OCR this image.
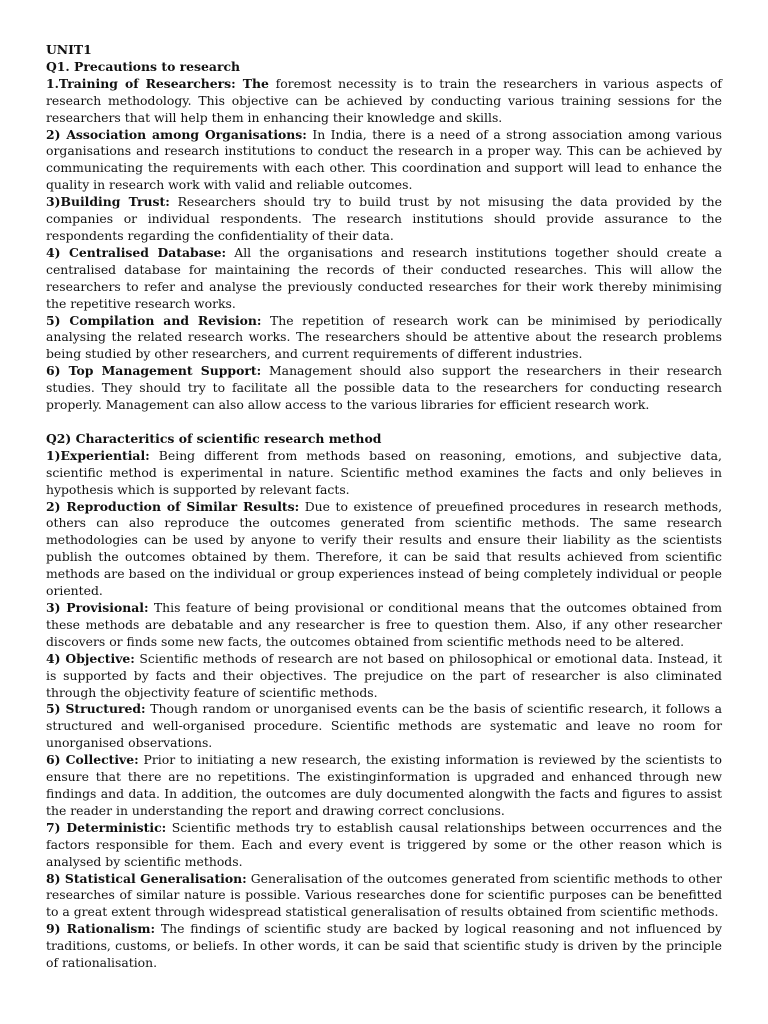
UNIT1

Q1. Precautions to research

1.Training of Researchers: The foremost necessity is to train the researchers in various aspects of research methodology. This objective can be achieved by conducting various training sessions for the researchers that will help them in enhancing their knowledge and skills.

2) Association among Organisations: In India, there is a need of a strong association among various organisations and research institutions to conduct the research in a proper way. This can be achieved by communicating the requirements with each other. This coordination and support will lead to enhance the quality in research work with valid and reliable outcomes.

3)Building Trust: Researchers should try to build trust by not misusing the data provided by the companies or individual respondents. The research institutions should provide assurance to the respondents regarding the confidentiality of their data.

4) Centralised Database: All the organisations and research institutions together should create a centralised database for maintaining the records of their conducted researches. This will allow the researchers to refer and analyse the previously conducted researches for their work thereby minimising the repetitive research works.

5) Compilation and Revision: The repetition of research work can be minimised by periodically analysing the related research works. The researchers should be attentive about the research problems being studied by other researchers, and current requirements of different industries.

6) Top Management Support: Management should also support the researchers in their research studies. They should try to facilitate all the possible data to the researchers for conducting research properly. Management can also allow access to the various libraries for efficient research work.

Q2) Characteritics of scientific research method

1)Experiential: Being different from methods based on reasoning, emotions, and subjective data, scientific method is experimental in nature. Scientific method examines the facts and only believes in hypothesis which is supported by relevant facts.

2) Reproduction of Similar Results: Due to existence of preuefined procedures in research methods, others can also reproduce the outcomes generated from scientific methods. The same research methodologies can be used by anyone to verify their results and ensure their liability as the scientists publish the outcomes obtained by them. Therefore, it can be said that results achieved from scientific methods are based on the individual or group experiences instead of being completely individual or people oriented.

3) Provisional: This feature of being provisional or conditional means that the outcomes obtained from these methods are debatable and any researcher is free to question them. Also, if any other researcher discovers or finds some new facts, the outcomes obtained from scientific methods need to be altered.

4) Objective: Scientific methods of research are not based on philosophical or emotional data. Instead, it is supported by facts and their objectives. The prejudice on the part of researcher is also climinated through the objectivity feature of scientific methods.

5) Structured: Though random or unorganised events can be the basis of scientific research, it follows a structured and well-organised procedure. Scientific methods are systematic and leave no room for unorganised observations.

6) Collective: Prior to initiating a new research, the existing information is reviewed by the scientists to ensure that there are no repetitions. The existinginformation is upgraded and enhanced through new findings and data. In addition, the outcomes are duly documented alongwith the facts and figures to assist the reader in understanding the report and drawing correct conclusions.

7) Deterministic: Scientific methods try to establish causal relationships between occurrences and the factors responsible for them. Each and every event is triggered by some or the other reason which is analysed by scientific methods.

8) Statistical Generalisation: Generalisation of the outcomes generated from scientific methods to other researches of similar nature is possible. Various researches done for scientific purposes can be benefitted to a great extent through widespread statistical generalisation of results obtained from scientific methods.

9) Rationalism: The findings of scientific study are backed by logical reasoning and not influenced by traditions, customs, or beliefs. In other words, it can be said that scientific study is driven by the principle of rationalisation.
